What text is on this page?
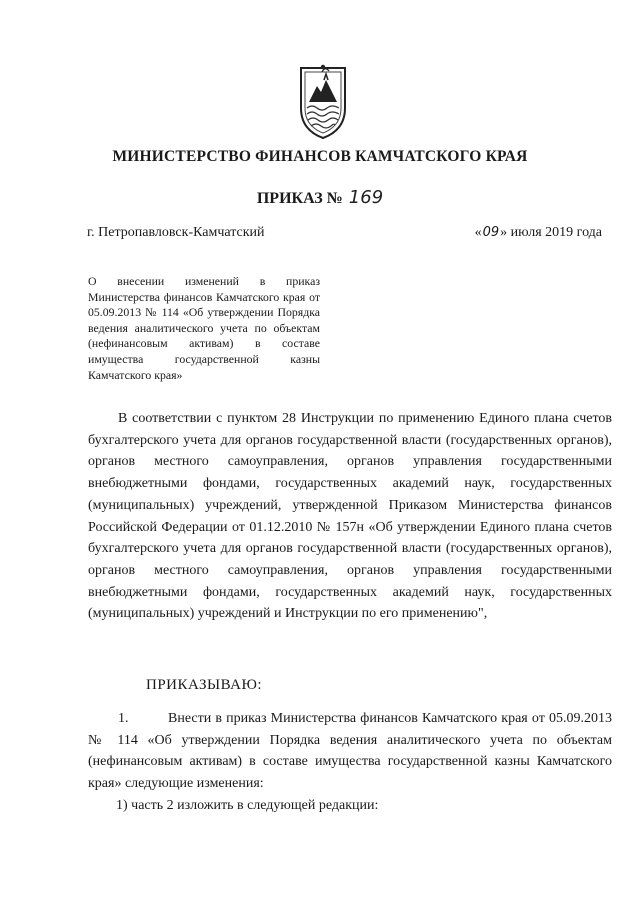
МИНИСТЕРСТВО ФИНАНСОВ КАМЧАТСКОГО КРАЯ
ПРИКАЗ № 169
г. Петропавловск-Камчатский	«09» июля 2019 года
О внесении изменений в приказ Министерства финансов Камчатского края от 05.09.2013 № 114 «Об утверждении Порядка ведения аналитического учета по объектам (нефинансовым активам) в составе имущества государственной казны Камчатского края»

В соответствии с пунктом 28 Инструкции по применению Единого плана счетов бухгалтерского учета для органов государственной власти (государственных органов), органов местного самоуправления, органов управления государственными внебюджетными фондами, государственных академий наук, государственных (муниципальных) учреждений, утвержденной Приказом Министерства финансов Российской Федерации от 01.12.2010 № 157н «Об утверждении Единого плана счетов бухгалтерского учета для органов государственной власти (государственных органов), органов местного самоуправления, органов управления государственными внебюджетными фондами, государственных академий наук, государственных (муниципальных) учреждений и Инструкции по его применению",

ПРИКАЗЫВАЮ:

1.	Внести в приказ Министерства финансов Камчатского края от 05.09.2013 № 114 «Об утверждении Порядка ведения аналитического учета по объектам (нефинансовым активам) в составе имущества государственной казны Камчатского края» следующие изменения:

1) часть 2 изложить в следующей редакции:
